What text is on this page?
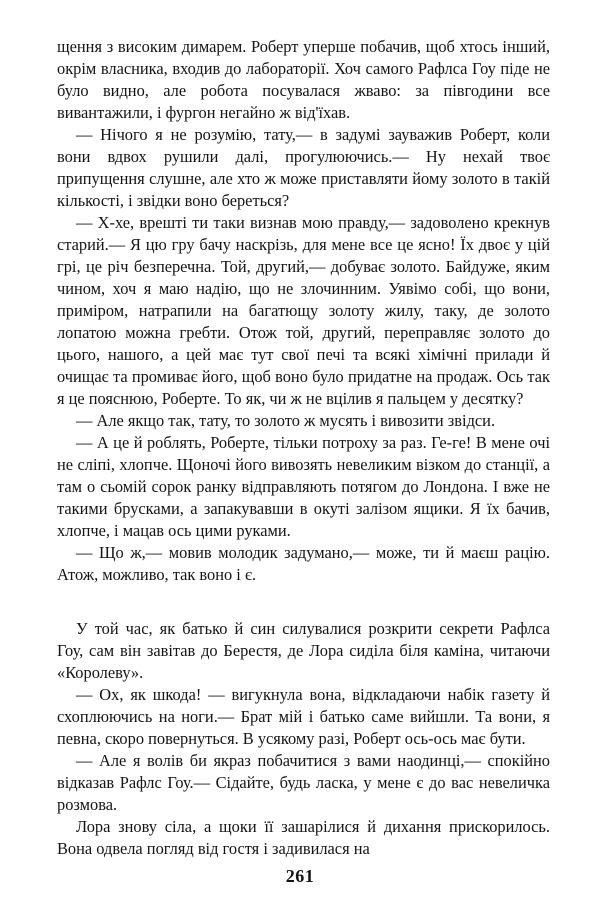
щення з високим димарем. Роберт уперше побачив, щоб хтось інший, окрім власника, входив до лабораторії. Хоч самого Рафлса Гоу піде не було видно, але робота посувалася жваво: за півгодини все вивантажили, і фургон негайно ж від'їхав.

— Нічого я не розумію, тату,— в задумі зауважив Роберт, коли вони вдвох рушили далі, прогулюючись.— Ну нехай твоє припущення слушне, але хто ж може приставляти йому золото в такій кількості, і звідки воно береться?

— Х-хе, врешті ти таки визнав мою правду,— задоволено крекнув старий.— Я цю гру бачу наскрізь, для мене все це ясно! Їх двоє у цій грі, це річ безперечна. Той, другий,— добуває золото. Байдуже, яким чином, хоч я маю надію, що не злочинним. Уявімо собі, що вони, приміром, натрапили на багатющу золоту жилу, таку, де золото лопатою можна гребти. Отож той, другий, переправляє золото до цього, нашого, а цей має тут свої печі та всякі хімічні прилади й очищає та промиває його, щоб воно було придатне на продаж. Ось так я це пояснюю, Роберте. То як, чи ж не вцілив я пальцем у десятку?

— Але якщо так, тату, то золото ж мусять і вивозити звідси.

— А це й роблять, Роберте, тільки потроху за раз. Ге-ге! В мене очі не сліпі, хлопче. Щоночі його вивозять невеликим візком до станції, а там о сьомій сорок ранку відправляють потягом до Лондона. І вже не такими брусками, а запакувавши в окуті залізом ящики. Я їх бачив, хлопче, і мацав ось цими руками.

— Що ж,— мовив молодик задумано,— може, ти й маєш рацію. Атож, можливо, так воно і є.

У той час, як батько й син силувалися розкрити секрети Рафлса Гоу, сам він завітав до Берестя, де Лора сиділа біля каміна, читаючи «Королеву».

— Ох, як шкода! — вигукнула вона, відкладаючи набік газету й схоплюючись на ноги.— Брат мій і батько саме вийшли. Та вони, я певна, скоро повернуться. В усякому разі, Роберт ось-ось має бути.

— Але я волів би якраз побачитися з вами наодинці,— спокійно відказав Рафлс Гоу.— Сідайте, будь ласка, у мене є до вас невеличка розмова.

Лора знову сіла, а щоки її зашарілися й дихання прискорилось. Вона одвела погляд від гостя і задивилася на

261
